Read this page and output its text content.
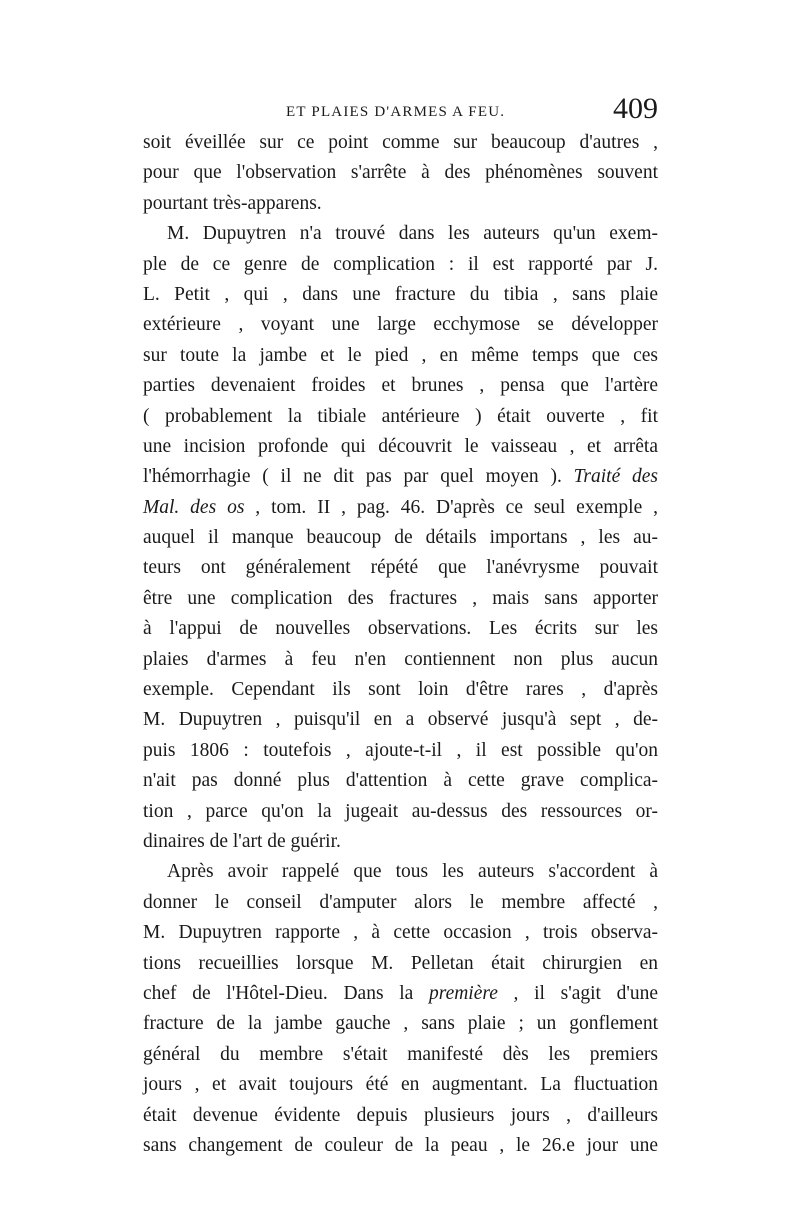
ET PLAIES D'ARMES A FEU.	409
soit éveillée sur ce point comme sur beaucoup d'autres ,
pour que l'observation s'arrête à des phénomènes souvent
pourtant très-apparens.
M. Dupuytren n'a trouvé dans les auteurs qu'un exem-
ple de ce genre de complication : il est rapporté par J.
L. Petit , qui , dans une fracture du tibia , sans plaie
extérieure , voyant une large ecchymose se développer
sur toute la jambe et le pied , en même temps que ces
parties devenaient froides et brunes , pensa que l'artère
( probablement la tibiale antérieure ) était ouverte , fit
une incision profonde qui découvrit le vaisseau , et arrêta
l'hémorrhagie ( il ne dit pas par quel moyen ). Traité des
Mal. des os , tom. II , pag. 46. D'après ce seul exemple ,
auquel il manque beaucoup de détails importans , les au-
teurs ont généralement répété que l'anévrysme pouvait
être une complication des fractures , mais sans apporter
à l'appui de nouvelles observations. Les écrits sur les
plaies d'armes à feu n'en contiennent non plus aucun
exemple. Cependant ils sont loin d'être rares , d'après
M. Dupuytren , puisqu'il en a observé jusqu'à sept , de-
puis 1806 : toutefois , ajoute-t-il , il est possible qu'on
n'ait pas donné plus d'attention à cette grave complica-
tion , parce qu'on la jugeait au-dessus des ressources or-
dinaires de l'art de guérir.
Après avoir rappelé que tous les auteurs s'accordent à
donner le conseil d'amputer alors le membre affecté ,
M. Dupuytren rapporte , à cette occasion , trois observa-
tions recueillies lorsque M. Pelletan était chirurgien en
chef de l'Hôtel-Dieu. Dans la première , il s'agit d'une
fracture de la jambe gauche , sans plaie ; un gonflement
général du membre s'était manifesté dès les premiers
jours , et avait toujours été en augmentant. La fluctuation
était devenue évidente depuis plusieurs jours , d'ailleurs
sans changement de couleur de la peau , le 26.e jour une
